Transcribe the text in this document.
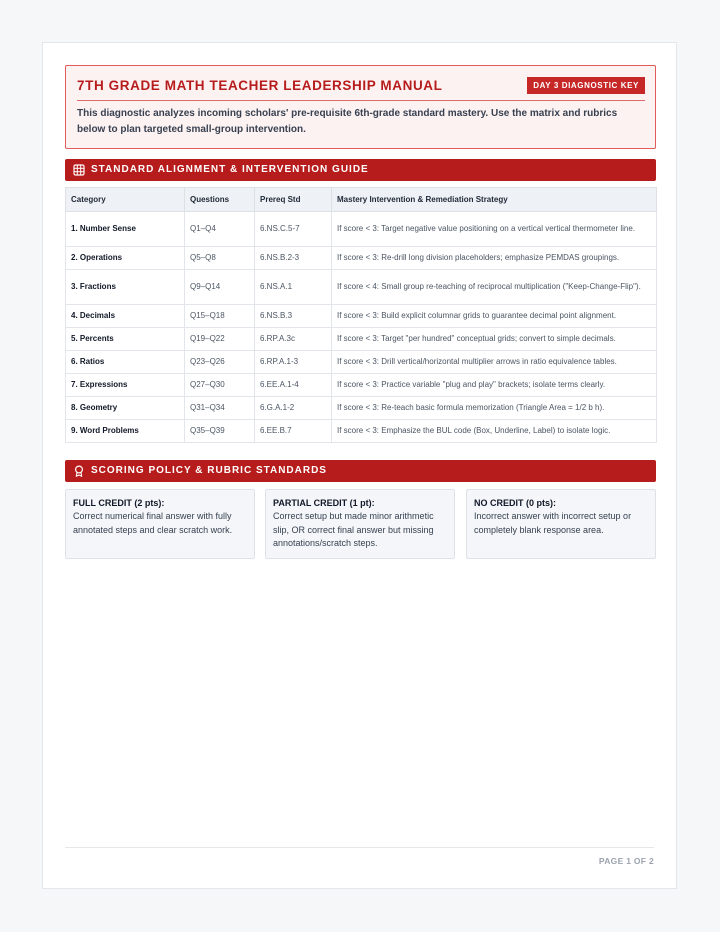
7TH GRADE MATH TEACHER LEADERSHIP MANUAL	DAY 3 DIAGNOSTIC KEY
This diagnostic analyzes incoming scholars' pre-requisite 6th-grade standard mastery. Use the matrix and rubrics below to plan targeted small-group intervention.
STANDARD ALIGNMENT & INTERVENTION GUIDE
Category	Questions	Prereq Std	Mastery Intervention & Remediation Strategy
1. Number Sense	Q1–Q4	6.NS.C.5-7	If score < 3: Target negative value positioning on a vertical vertical thermometer line.
2. Operations	Q5–Q8	6.NS.B.2-3	If score < 3: Re-drill long division placeholders; emphasize PEMDAS groupings.
3. Fractions	Q9–Q14	6.NS.A.1	If score < 4: Small group re-teaching of reciprocal multiplication ("Keep-Change-Flip").
4. Decimals	Q15–Q18	6.NS.B.3	If score < 3: Build explicit columnar grids to guarantee decimal point alignment.
5. Percents	Q19–Q22	6.RP.A.3c	If score < 3: Target "per hundred" conceptual grids; convert to simple decimals.
6. Ratios	Q23–Q26	6.RP.A.1-3	If score < 3: Drill vertical/horizontal multiplier arrows in ratio equivalence tables.
7. Expressions	Q27–Q30	6.EE.A.1-4	If score < 3: Practice variable "plug and play" brackets; isolate terms clearly.
8. Geometry	Q31–Q34	6.G.A.1-2	If score < 3: Re-teach basic formula memorization (Triangle Area = 1/2 b h).
9. Word Problems	Q35–Q39	6.EE.B.7	If score < 3: Emphasize the BUL code (Box, Underline, Label) to isolate logic.
SCORING POLICY & RUBRIC STANDARDS
FULL CREDIT (2 pts):
Correct numerical final answer with fully annotated steps and clear scratch work.
PARTIAL CREDIT (1 pt):
Correct setup but made minor arithmetic slip, OR correct final answer but missing annotations/scratch steps.
NO CREDIT (0 pts):
Incorrect answer with incorrect setup or completely blank response area.
PAGE 1 OF 2
